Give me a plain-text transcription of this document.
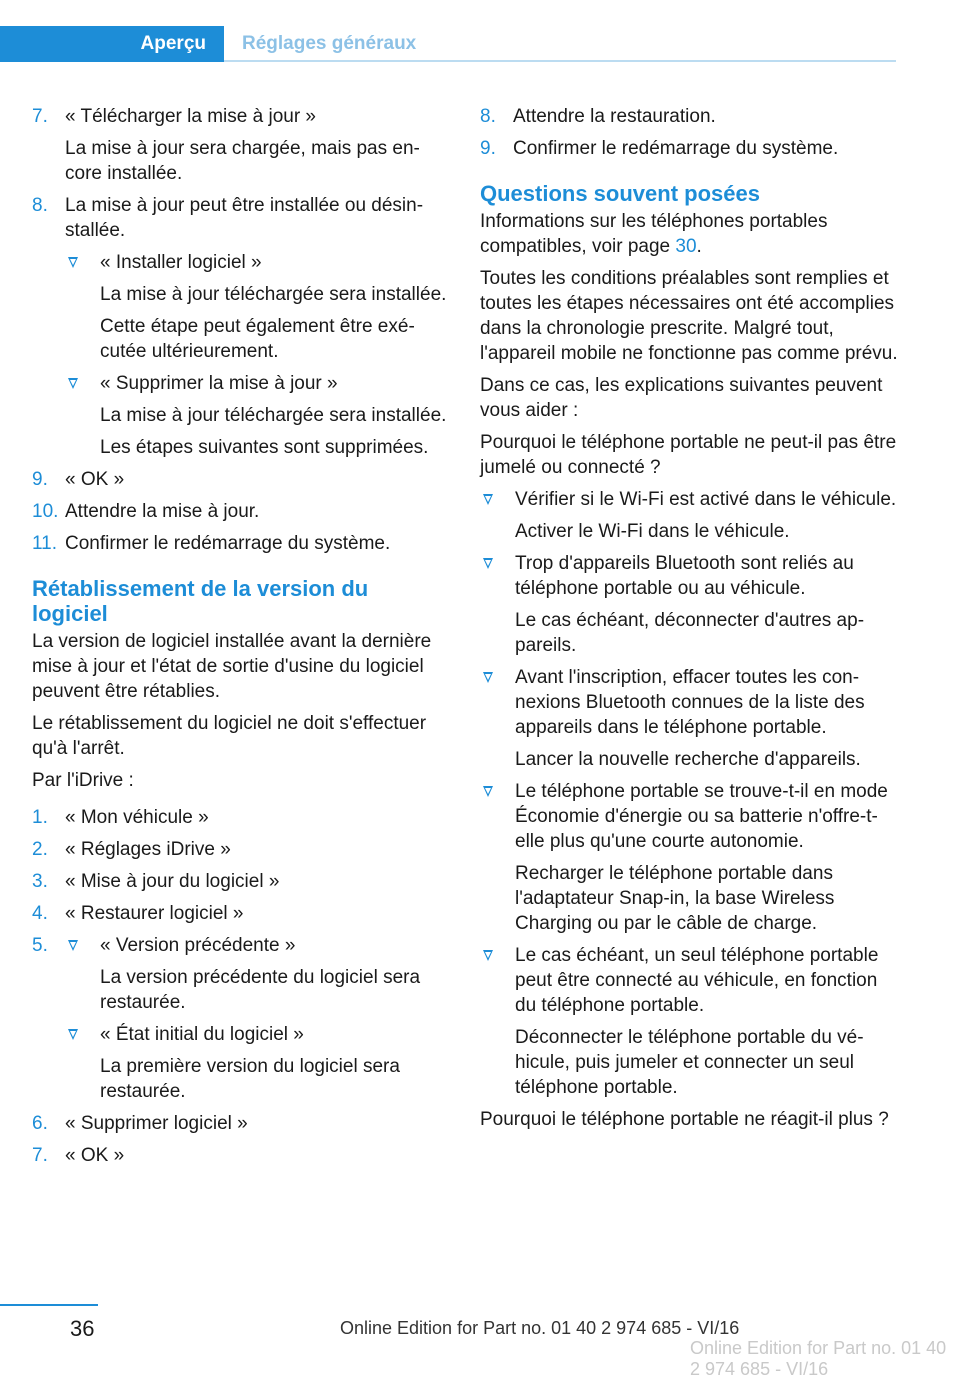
Aperçu Réglages généraux
7. « Télécharger la mise à jour »

La mise à jour sera chargée, mais pas encore installée.

8. La mise à jour peut être installée ou désinstallée.

« Installer logiciel »

La mise à jour téléchargée sera installée.

Cette étape peut également être exécutée ultérieurement.

« Supprimer la mise à jour »

La mise à jour téléchargée sera installée.

Les étapes suivantes sont supprimées.

9. « OK »

10. Attendre la mise à jour.

11. Confirmer le redémarrage du système.

Rétablissement de la version du logiciel

La version de logiciel installée avant la dernière mise à jour et l'état de sortie d'usine du logiciel peuvent être rétablies.

Le rétablissement du logiciel ne doit s'effectuer qu'à l'arrêt.

Par l'iDrive :

1. « Mon véhicule »

2. « Réglages iDrive »

3. « Mise à jour du logiciel »

4. « Restaurer logiciel »

5.	« Version précédente »

La version précédente du logiciel sera restaurée.

« État initial du logiciel »

La première version du logiciel sera restaurée.

6. « Supprimer logiciel »

7. « OK »

8. Attendre la restauration.

9. Confirmer le redémarrage du système.

Questions souvent posées

Informations sur les téléphones portables compatibles, voir page 30.

Toutes les conditions préalables sont remplies et toutes les étapes nécessaires ont été accomplies dans la chronologie prescrite. Malgré tout, l'appareil mobile ne fonctionne pas comme prévu.

Dans ce cas, les explications suivantes peuvent vous aider :

Pourquoi le téléphone portable ne peut-il pas être jumelé ou connecté ?

Vérifier si le Wi-Fi est activé dans le véhicule.

Activer le Wi-Fi dans le véhicule.

Trop d'appareils Bluetooth sont reliés au téléphone portable ou au véhicule.

Le cas échéant, déconnecter d'autres appareils.

Avant l'inscription, effacer toutes les connexions Bluetooth connues de la liste des appareils dans le téléphone portable.

Lancer la nouvelle recherche d'appareils.

Le téléphone portable se trouve-t-il en mode Économie d'énergie ou sa batterie n'offre-t-elle plus qu'une courte autonomie.

Recharger le téléphone portable dans l'adaptateur Snap-in, la base Wireless Charging ou par le câble de charge.

Le cas échéant, un seul téléphone portable peut être connecté au véhicule, en fonction du téléphone portable.

Déconnecter le téléphone portable du véhicule, puis jumeler et connecter un seul téléphone portable.

Pourquoi le téléphone portable ne réagit-il plus ?

36	Online Edition for Part no. 01 40 2 974 685 - VI/16
Online Edition for Part no. 01 40 2 974 685 - VI/16
